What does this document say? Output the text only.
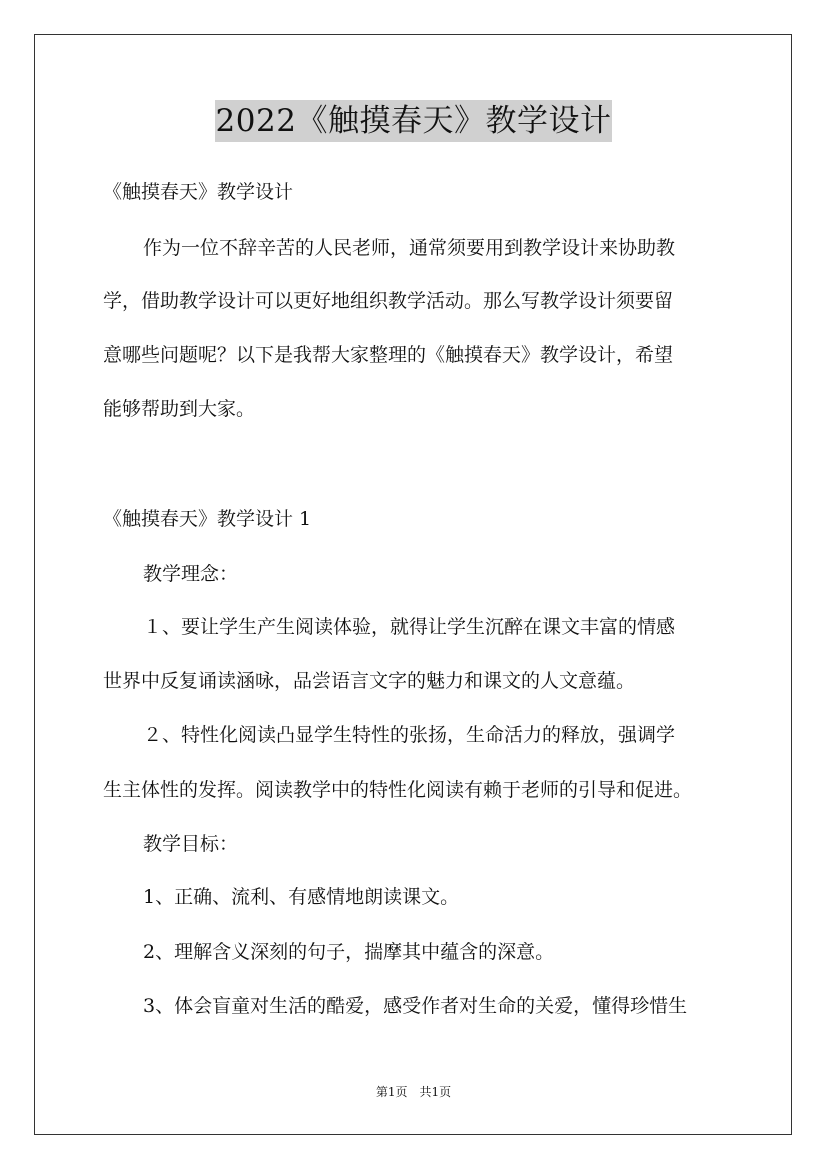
2022《触摸春天》教学设计
《触摸春天》教学设计
作为一位不辞辛苦的人民老师，通常须要用到教学设计来协助教
学，借助教学设计可以更好地组织教学活动。那么写教学设计须要留
意哪些问题呢？以下是我帮大家整理的《触摸春天》教学设计，希望
能够帮助到大家。
《触摸春天》教学设计 1
教学理念：
１、要让学生产生阅读体验，就得让学生沉醉在课文丰富的情感
世界中反复诵读涵咏，品尝语言文字的魅力和课文的人文意蕴。
２、特性化阅读凸显学生特性的张扬，生命活力的释放，强调学
生主体性的发挥。阅读教学中的特性化阅读有赖于老师的引导和促进。
教学目标：
1、正确、流利、有感情地朗读课文。
2、理解含义深刻的句子，揣摩其中蕴含的深意。
3、体会盲童对生活的酷爱，感受作者对生命的关爱，懂得珍惜生
第1页　共1页
